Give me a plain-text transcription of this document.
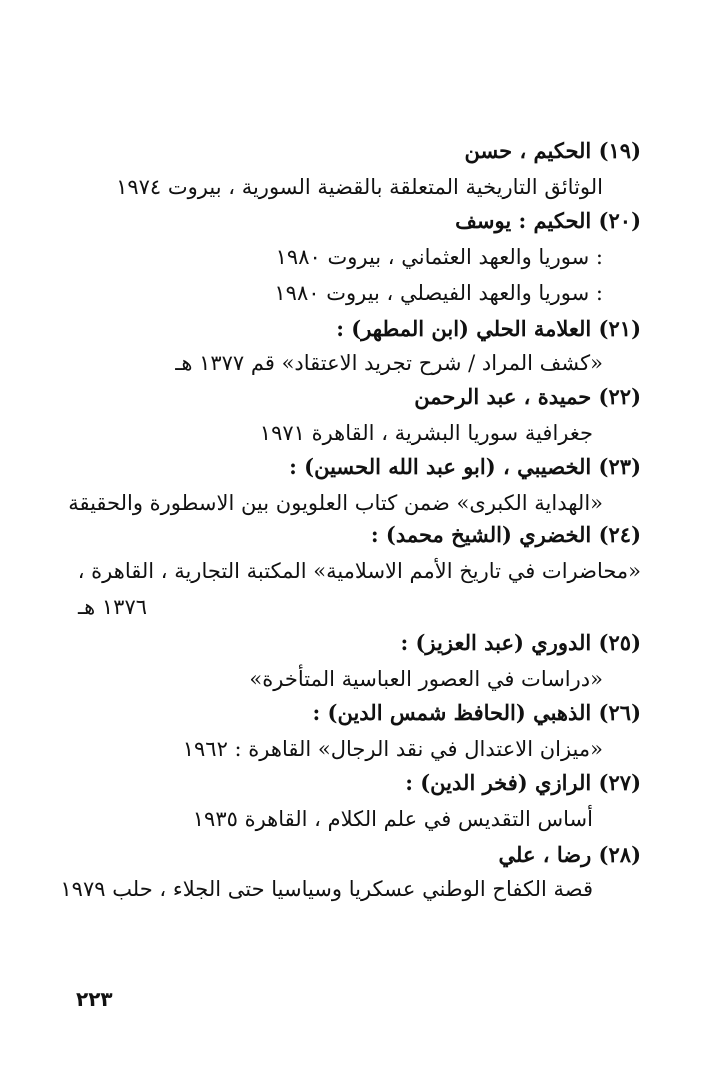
(١٩) الحكيم ، حسن
الوثائق التاريخية المتعلقة بالقضية السورية ، بيروت ١٩٧٤
(٢٠) الحكيم : يوسف
: سوريا والعهد العثماني ، بيروت ١٩٨٠
: سوريا والعهد الفيصلي ، بيروت ١٩٨٠
(٢١) العلامة الحلي (ابن المطهر) :
«كشف المراد / شرح تجريد الاعتقاد» قم ١٣٧٧ هـ
(٢٢) حميدة ، عبد الرحمن
جغرافية سوريا البشرية ، القاهرة ١٩٧١
(٢٣) الخصيبي ، (ابو عبد الله الحسين) :
«الهداية الكبرى» ضمن كتاب العلويون بين الاسطورة والحقيقة
(٢٤) الخضري (الشيخ محمد) :
«محاضرات في تاريخ الأمم الاسلامية» المكتبة التجارية ، القاهرة ،
١٣٧٦ هـ
(٢٥) الدوري (عبد العزيز) :
«دراسات في العصور العباسية المتأخرة»
(٢٦) الذهبي (الحافظ شمس الدين) :
«ميزان الاعتدال في نقد الرجال» القاهرة : ١٩٦٢
(٢٧) الرازي (فخر الدين) :
أساس التقديس في علم الكلام ، القاهرة ١٩٣٥
(٢٨) رضا ، علي
قصة الكفاح الوطني عسكريا وسياسيا حتى الجلاء ، حلب ١٩٧٩
٢٢٣
